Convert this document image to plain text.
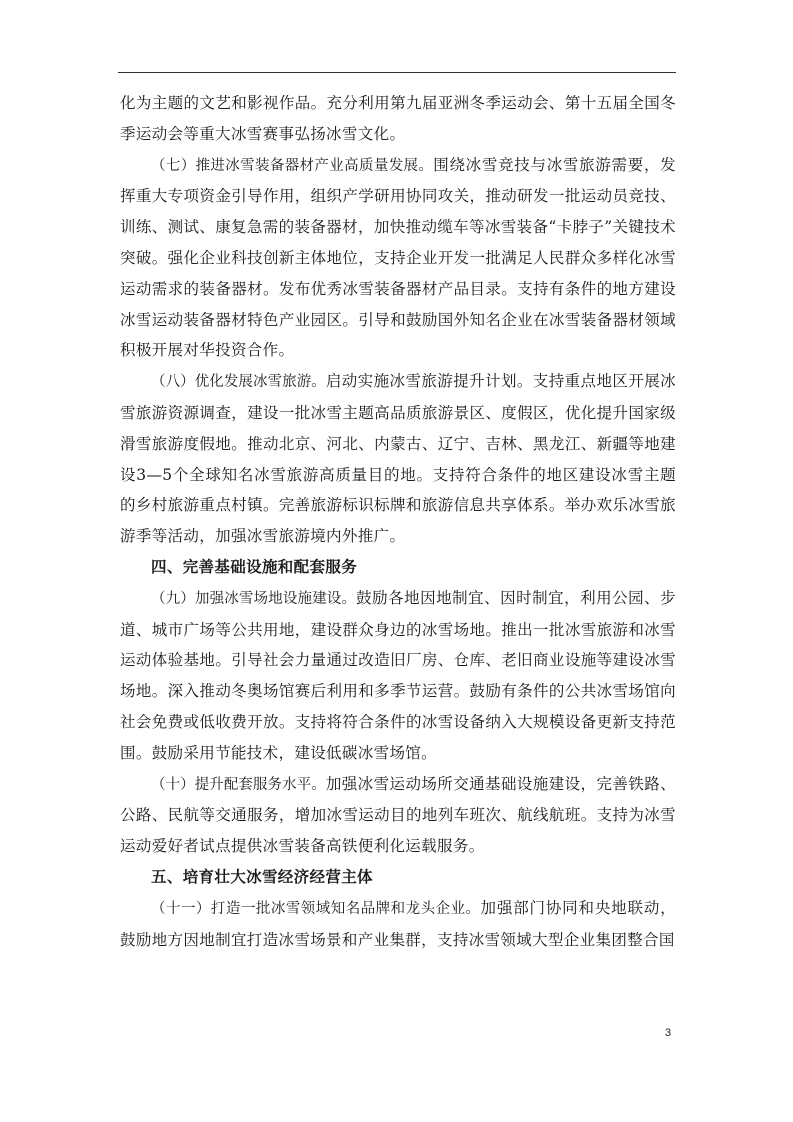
化为主题的文艺和影视作品。充分利用第九届亚洲冬季运动会、第十五届全国冬季运动会等重大冰雪赛事弘扬冰雪文化。

（七）推进冰雪装备器材产业高质量发展。围绕冰雪竞技与冰雪旅游需要，发挥重大专项资金引导作用，组织产学研用协同攻关，推动研发一批运动员竞技、训练、测试、康复急需的装备器材，加快推动缆车等冰雪装备“卡脖子”关键技术突破。强化企业科技创新主体地位，支持企业开发一批满足人民群众多样化冰雪运动需求的装备器材。发布优秀冰雪装备器材产品目录。支持有条件的地方建设冰雪运动装备器材特色产业园区。引导和鼓励国外知名企业在冰雪装备器材领域积极开展对华投资合作。

（八）优化发展冰雪旅游。启动实施冰雪旅游提升计划。支持重点地区开展冰雪旅游资源调查，建设一批冰雪主题高品质旅游景区、度假区，优化提升国家级滑雪旅游度假地。推动北京、河北、内蒙古、辽宁、吉林、黑龙江、新疆等地建设3—5个全球知名冰雪旅游高质量目的地。支持符合条件的地区建设冰雪主题的乡村旅游重点村镇。完善旅游标识标牌和旅游信息共享体系。举办欢乐冰雪旅游季等活动，加强冰雪旅游境内外推广。

四、完善基础设施和配套服务

（九）加强冰雪场地设施建设。鼓励各地因地制宜、因时制宜，利用公园、步道、城市广场等公共用地，建设群众身边的冰雪场地。推出一批冰雪旅游和冰雪运动体验基地。引导社会力量通过改造旧厂房、仓库、老旧商业设施等建设冰雪场地。深入推动冬奥场馆赛后利用和多季节运营。鼓励有条件的公共冰雪场馆向社会免费或低收费开放。支持将符合条件的冰雪设备纳入大规模设备更新支持范围。鼓励采用节能技术，建设低碳冰雪场馆。

（十）提升配套服务水平。加强冰雪运动场所交通基础设施建设，完善铁路、公路、民航等交通服务，增加冰雪运动目的地列车班次、航线航班。支持为冰雪运动爱好者试点提供冰雪装备高铁便利化运载服务。

五、培育壮大冰雪经济经营主体

（十一）打造一批冰雪领域知名品牌和龙头企业。加强部门协同和央地联动，鼓励地方因地制宜打造冰雪场景和产业集群，支持冰雪领域大型企业集团整合国

3
